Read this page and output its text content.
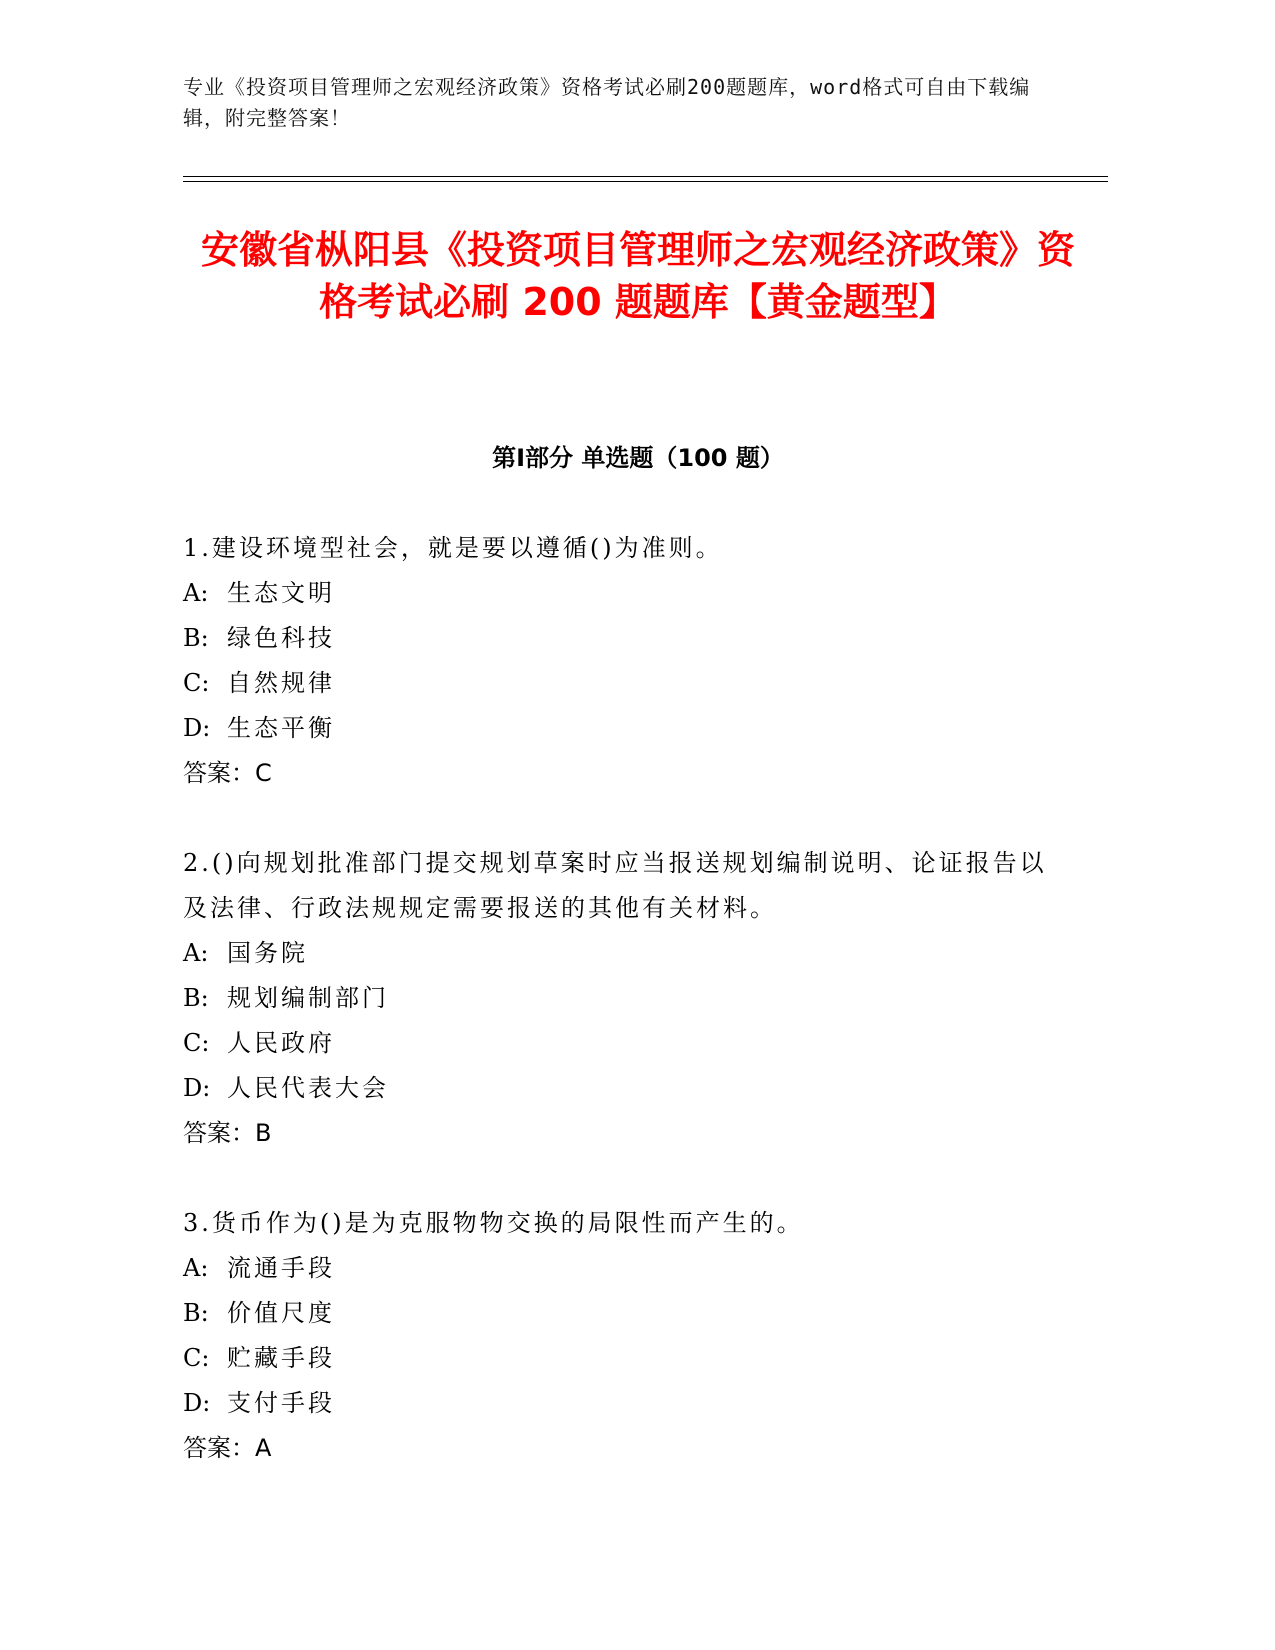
专业《投资项目管理师之宏观经济政策》资格考试必刷200题题库，word格式可自由下载编辑，附完整答案！
安徽省枞阳县《投资项目管理师之宏观经济政策》资格考试必刷 200 题题库【黄金题型】
第Ⅰ部分 单选题（100 题）
1.建设环境型社会，就是要以遵循()为准则。
A: 生态文明
B: 绿色科技
C: 自然规律
D: 生态平衡
答案：C
2.()向规划批准部门提交规划草案时应当报送规划编制说明、论证报告以及法律、行政法规规定需要报送的其他有关材料。
A: 国务院
B: 规划编制部门
C: 人民政府
D: 人民代表大会
答案：B
3.货币作为()是为克服物物交换的局限性而产生的。
A: 流通手段
B: 价值尺度
C: 贮藏手段
D: 支付手段
答案：A
